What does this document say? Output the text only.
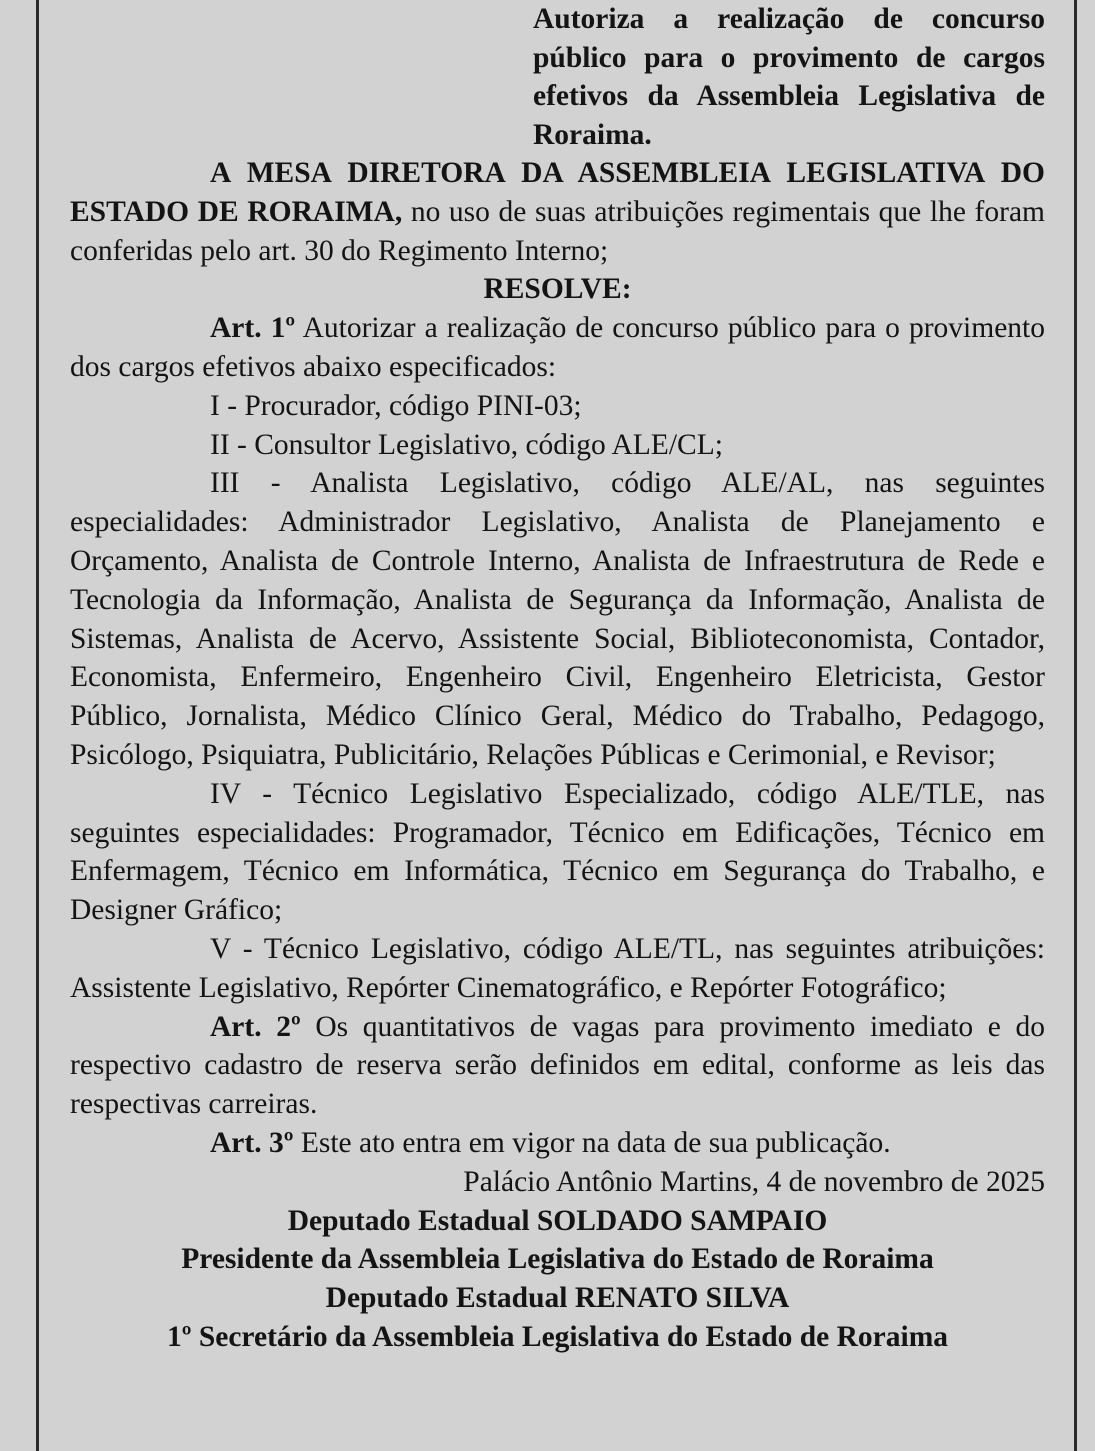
Autoriza a realização de concurso público para o provimento de cargos efetivos da Assembleia Legislativa de Roraima.

A MESA DIRETORA DA ASSEMBLEIA LEGISLATIVA DO ESTADO DE RORAIMA, no uso de suas atribuições regimentais que lhe foram conferidas pelo art. 30 do Regimento Interno;

RESOLVE:

Art. 1º Autorizar a realização de concurso público para o provimento dos cargos efetivos abaixo especificados:

I - Procurador, código PINI-03;

II - Consultor Legislativo, código ALE/CL;

III - Analista Legislativo, código ALE/AL, nas seguintes especialidades: Administrador Legislativo, Analista de Planejamento e Orçamento, Analista de Controle Interno, Analista de Infraestrutura de Rede e Tecnologia da Informação, Analista de Segurança da Informação, Analista de Sistemas, Analista de Acervo, Assistente Social, Biblioteconomista, Contador, Economista, Enfermeiro, Engenheiro Civil, Engenheiro Eletricista, Gestor Público, Jornalista, Médico Clínico Geral, Médico do Trabalho, Pedagogo, Psicólogo, Psiquiatra, Publicitário, Relações Públicas e Cerimonial, e Revisor;

IV - Técnico Legislativo Especializado, código ALE/TLE, nas seguintes especialidades: Programador, Técnico em Edificações, Técnico em Enfermagem, Técnico em Informática, Técnico em Segurança do Trabalho, e Designer Gráfico;

V - Técnico Legislativo, código ALE/TL, nas seguintes atribuições: Assistente Legislativo, Repórter Cinematográfico, e Repórter Fotográfico;

Art. 2º Os quantitativos de vagas para provimento imediato e do respectivo cadastro de reserva serão definidos em edital, conforme as leis das respectivas carreiras.

Art. 3º Este ato entra em vigor na data de sua publicação.

Palácio Antônio Martins, 4 de novembro de 2025

Deputado Estadual SOLDADO SAMPAIO

Presidente da Assembleia Legislativa do Estado de Roraima

Deputado Estadual RENATO SILVA

1º Secretário da Assembleia Legislativa do Estado de Roraima
